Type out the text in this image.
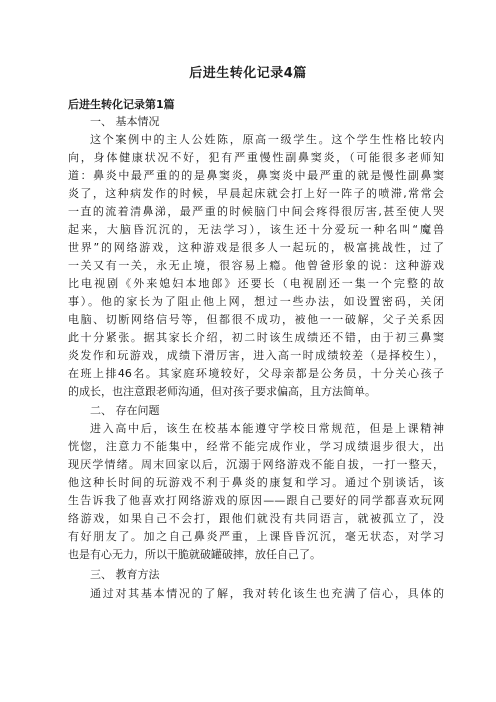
后进生转化记录4篇
后进生转化记录第1篇
一、 基本情况
这个案例中的主人公姓陈，原高一级学生。这个学生性格比较内
向，身体健康状况不好，犯有严重慢性副鼻窦炎，（可能很多老师知
道：鼻炎中最严重的的是鼻窦炎，鼻窦炎中最严重的就是慢性副鼻窦
炎了，这种病发作的时候，早晨起床就会打上好一阵子的喷滞,常常会
一直的流着清鼻涕，最严重的时候脑门中间会疼得很厉害,甚至使人哭
起来，大脑昏沉沉的，无法学习），该生还十分爱玩一种名叫“魔兽
世界”的网络游戏，这种游戏是很多人一起玩的，极富挑战性，过了
一关又有一关，永无止境，很容易上瘾。他曾爸形象的说：这种游戏
比电视剧《外来媳妇本地郎》还要长（电视剧还一集一个完整的故
事）。他的家长为了阻止他上网，想过一些办法，如设置密码，关闭
电脑、切断网络信号等，但都很不成功，被他一一破解，父子关系因
此十分紧张。据其家长介绍，初二时该生成绩还不错，由于初三鼻窦
炎发作和玩游戏，成绩下滑厉害，进入高一时成绩较差（是择校生），
在班上排46名。其家庭环境较好，父母亲都是公务员，十分关心孩子
的成长，也注意跟老师沟通，但对孩子要求偏高，且方法简单。
二、 存在问题
进入高中后，该生在校基本能遵守学校日常规范，但是上课精神
恍惚，注意力不能集中，经常不能完成作业，学习成绩退步很大，出
现厌学情绪。周末回家以后，沉溺于网络游戏不能自拔，一打一整天，
他这种长时间的玩游戏不利于鼻炎的康复和学习。通过个别谈话，该
生告诉我了他喜欢打网络游戏的原因——跟自己要好的同学都喜欢玩网
络游戏，如果自己不会打，跟他们就没有共同语言，就被孤立了，没
有好朋友了。加之自己鼻炎严重，上课昏昏沉沉，毫无状态，对学习
也是有心无力，所以干脆就破罐破摔，放任自己了。
三、 教育方法
通过对其基本情况的了解，我对转化该生也充满了信心，具体的
